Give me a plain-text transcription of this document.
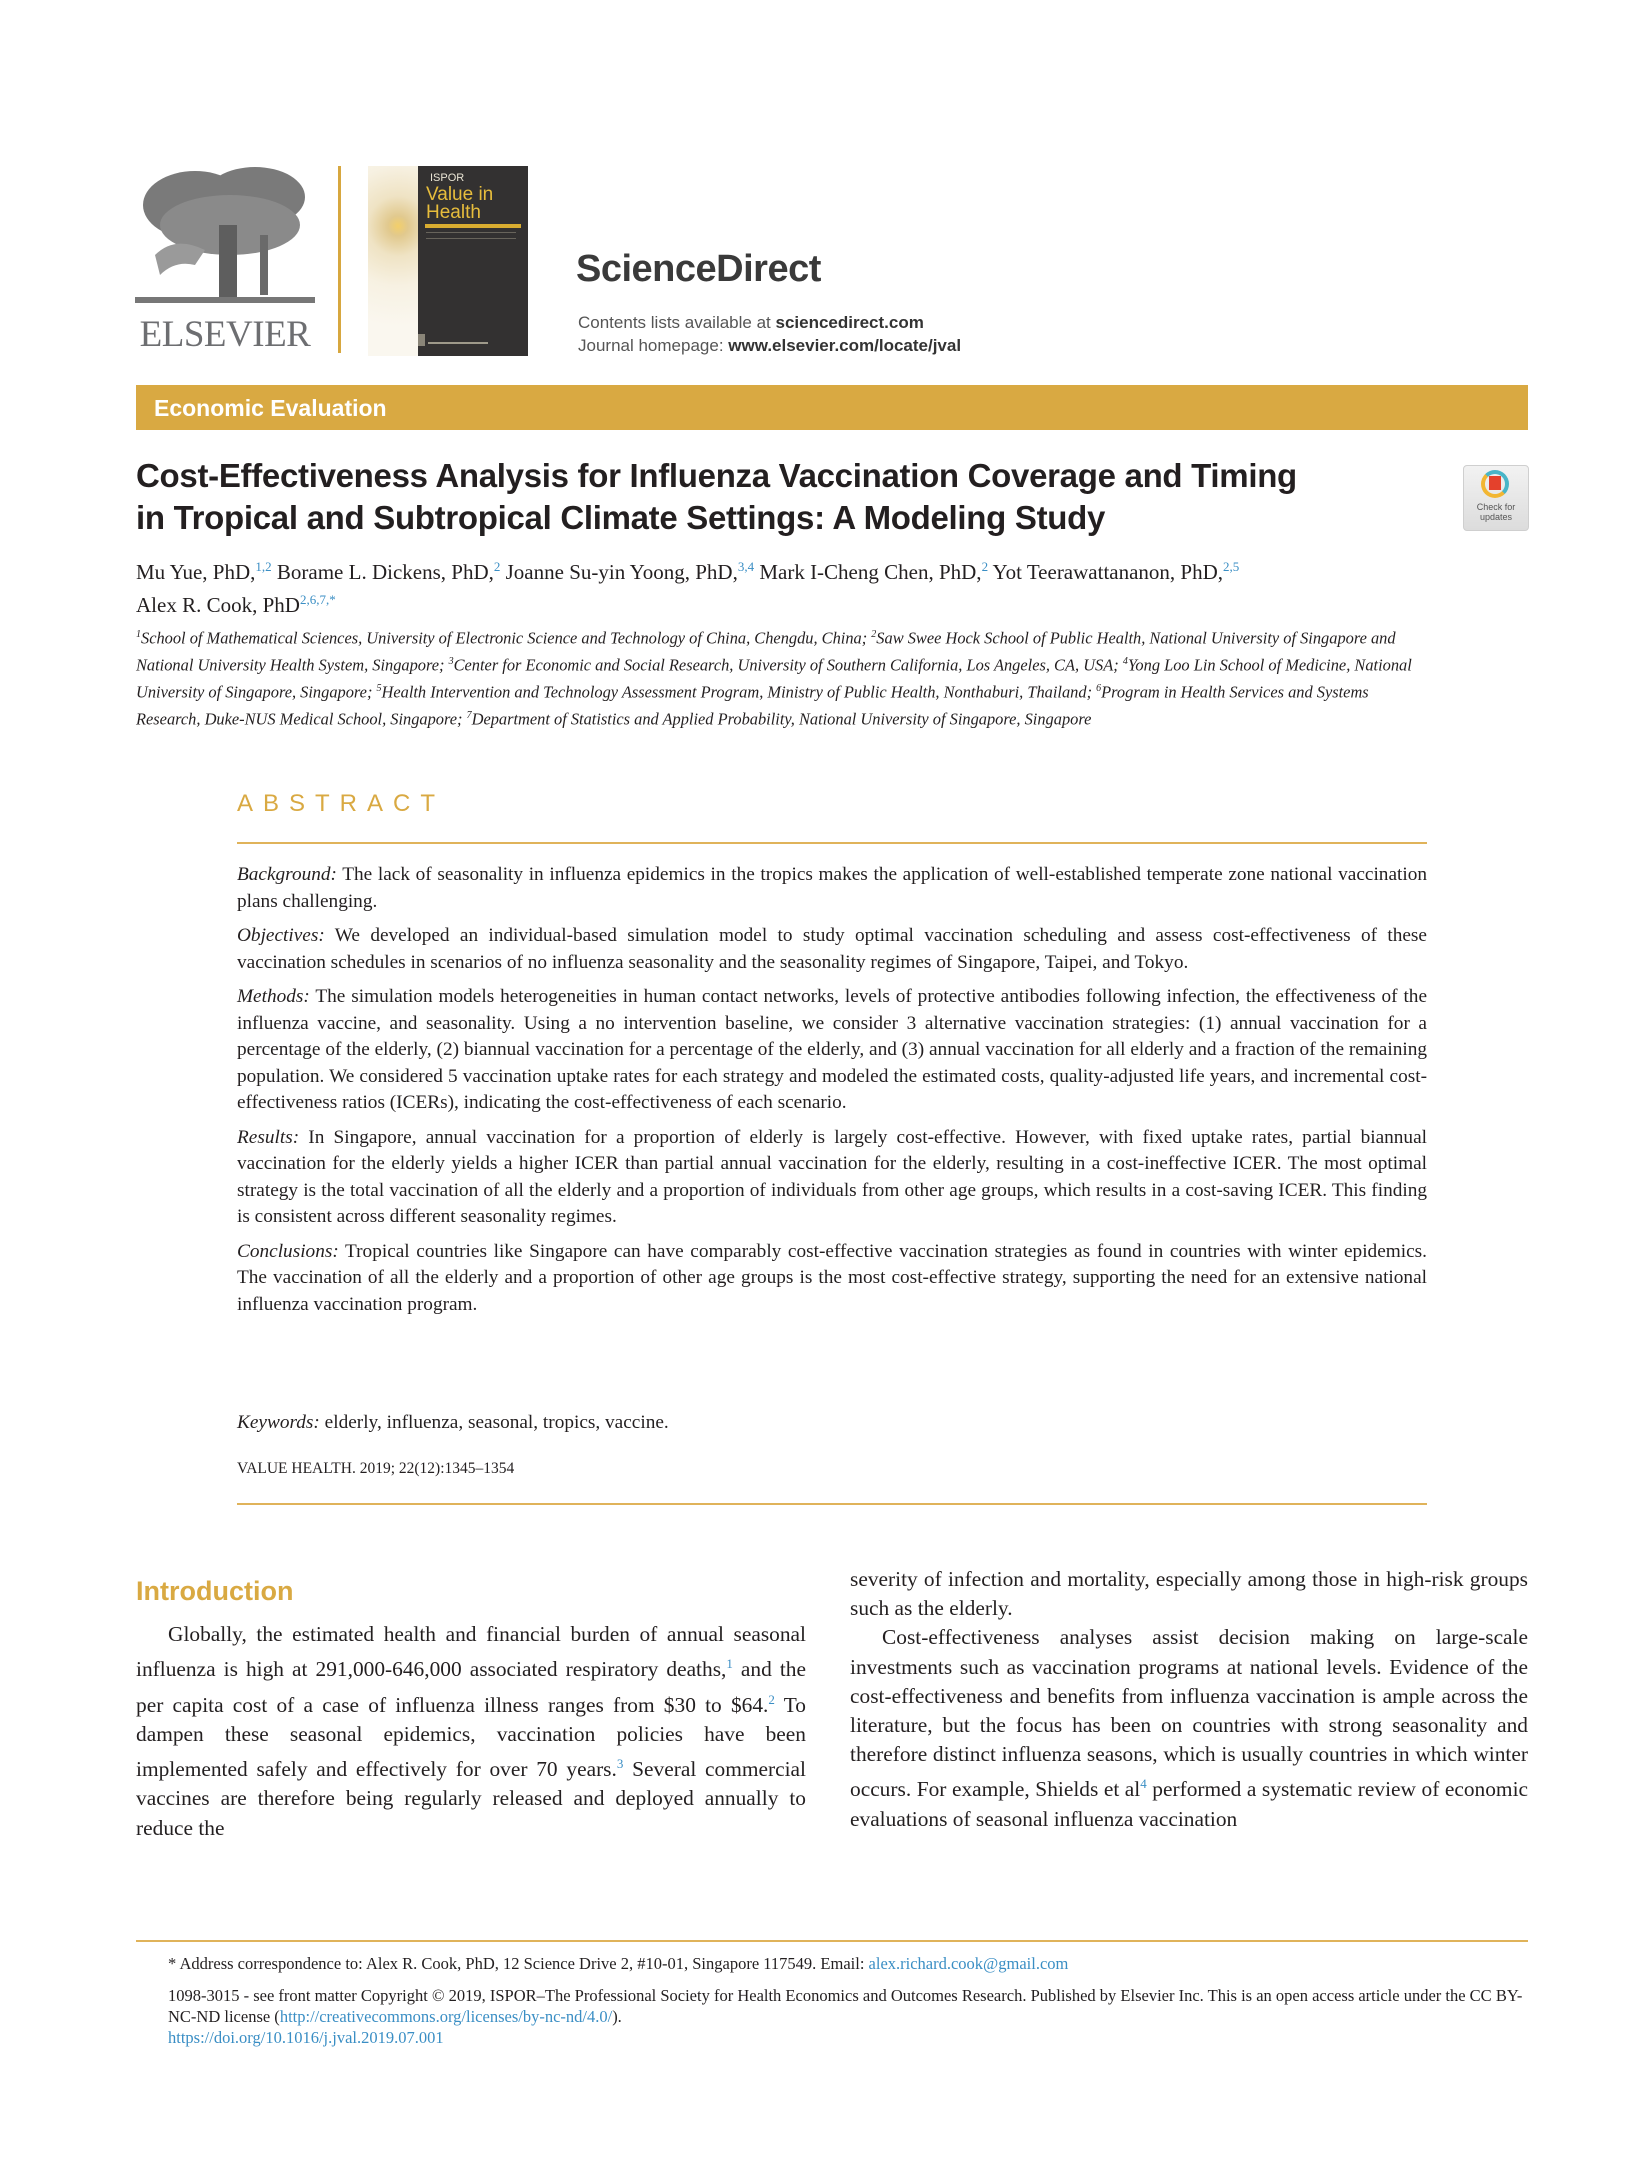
ELSEVIER
ISPOR
Value in Health
ScienceDirect
Contents lists available at sciencedirect.com
Journal homepage: www.elsevier.com/locate/jval
Economic Evaluation
Cost-Effectiveness Analysis for Influenza Vaccination Coverage and Timing
in Tropical and Subtropical Climate Settings: A Modeling Study	Check for updates
Mu Yue, PhD,$^{1,2}$ Borame L. Dickens, PhD,$^2$ Joanne Su-yin Yoong, PhD,$^{3,4}$ Mark I-Cheng Chen, PhD,$^2$ Yot Teerawattananon, PhD,$^{2,5}$
Alex R. Cook, PhD$^{2,6,7,*}$
$^1$School of Mathematical Sciences, University of Electronic Science and Technology of China, Chengdu, China; $^2$Saw Swee Hock School of Public Health, National University of Singapore and National University Health System, Singapore; $^3$Center for Economic and Social Research, University of Southern California, Los Angeles, CA, USA; $^4$Yong Loo Lin School of Medicine, National University of Singapore, Singapore; $^5$Health Intervention and Technology Assessment Program, Ministry of Public Health, Nonthaburi, Thailand; $^6$Program in Health Services and Systems Research, Duke-NUS Medical School, Singapore; $^7$Department of Statistics and Applied Probability, National University of Singapore, Singapore
ABSTRACT

Background: The lack of seasonality in influenza epidemics in the tropics makes the application of well-established temperate zone national vaccination plans challenging.

Objectives: We developed an individual-based simulation model to study optimal vaccination scheduling and assess cost-effectiveness of these vaccination schedules in scenarios of no influenza seasonality and the seasonality regimes of Singapore, Taipei, and Tokyo.

Methods: The simulation models heterogeneities in human contact networks, levels of protective antibodies following infection, the effectiveness of the influenza vaccine, and seasonality. Using a no intervention baseline, we consider 3 alternative vaccination strategies: (1) annual vaccination for a percentage of the elderly, (2) biannual vaccination for a percentage of the elderly, and (3) annual vaccination for all elderly and a fraction of the remaining population. We considered 5 vaccination uptake rates for each strategy and modeled the estimated costs, quality-adjusted life years, and incremental cost-effectiveness ratios (ICERs), indicating the cost-effectiveness of each scenario.

Results: In Singapore, annual vaccination for a proportion of elderly is largely cost-effective. However, with fixed uptake rates, partial biannual vaccination for the elderly yields a higher ICER than partial annual vaccination for the elderly, resulting in a cost-ineffective ICER. The most optimal strategy is the total vaccination of all the elderly and a proportion of individuals from other age groups, which results in a cost-saving ICER. This finding is consistent across different seasonality regimes.

Conclusions: Tropical countries like Singapore can have comparably cost-effective vaccination strategies as found in countries with winter epidemics. The vaccination of all the elderly and a proportion of other age groups is the most cost-effective strategy, supporting the need for an extensive national influenza vaccination program.

Keywords: elderly, influenza, seasonal, tropics, vaccine.
VALUE HEALTH. 2019; 22(12):1345–1354
Introduction

Globally, the estimated health and financial burden of annual seasonal influenza is high at 291,000-646,000 associated respiratory deaths,$^1$ and the per capita cost of a case of influenza illness ranges from $30 to $64.$^2$ To dampen these seasonal epidemics, vaccination policies have been implemented safely and effectively for over 70 years.$^3$ Several commercial vaccines are therefore being regularly released and deployed annually to reduce the

severity of infection and mortality, especially among those in high-risk groups such as the elderly.

Cost-effectiveness analyses assist decision making on large-scale investments such as vaccination programs at national levels. Evidence of the cost-effectiveness and benefits from influenza vaccination is ample across the literature, but the focus has been on countries with strong seasonality and therefore distinct influenza seasons, which is usually countries in which winter occurs. For example, Shields et al$^4$ performed a systematic review of economic evaluations of seasonal influenza vaccination

* Address correspondence to: Alex R. Cook, PhD, 12 Science Drive 2, #10-01, Singapore 117549. Email: alex.richard.cook@gmail.com
1098-3015 - see front matter Copyright © 2019, ISPOR–The Professional Society for Health Economics and Outcomes Research. Published by Elsevier Inc. This is an open access article under the CC BY-NC-ND license (http://creativecommons.org/licenses/by-nc-nd/4.0/).
https://doi.org/10.1016/j.jval.2019.07.001
